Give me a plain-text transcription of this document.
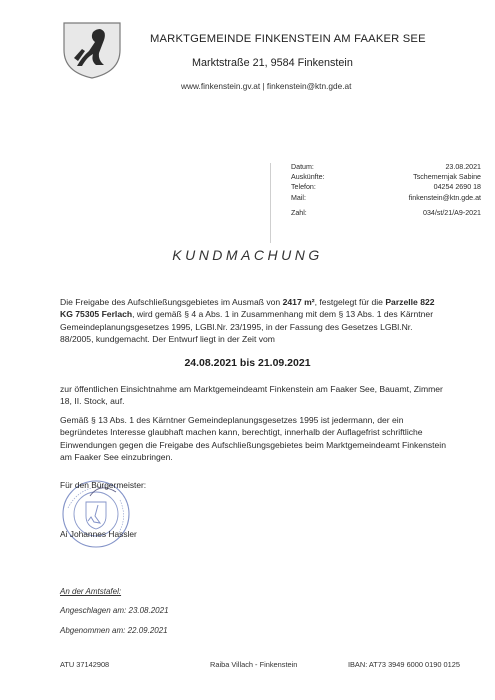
MARKTGEMEINDE FINKENSTEIN AM FAAKER SEE
Marktstraße 21, 9584 Finkenstein
www.finkenstein.gv.at | finkenstein@ktn.gde.at
Datum:	23.08.2021
Auskünfte:	Tschemernjak Sabine
Telefon:	04254 2690 18
Mail:	finkenstein@ktn.gde.at
Zahl:	034/st/21/A9-2021
KUNDMACHUNG
Die Freigabe des Aufschließungsgebietes im Ausmaß von 2417 m², festgelegt für die Parzelle 822 KG 75305 Ferlach, wird gemäß § 4 a Abs. 1 in Zusammenhang mit dem § 13 Abs. 1 des Kärntner Gemeindeplanungsgesetzes 1995, LGBl.Nr. 23/1995, in der Fassung des Gesetzes LGBl.Nr. 88/2005, kundgemacht. Der Entwurf liegt in der Zeit vom
24.08.2021 bis 21.09.2021
zur öffentlichen Einsichtnahme am Marktgemeindeamt Finkenstein am Faaker See, Bauamt, Zimmer 18, II. Stock, auf.
Gemäß § 13 Abs. 1 des Kärntner Gemeindeplanungsgesetzes 1995 ist jedermann, der ein begründetes Interesse glaubhaft machen kann, berechtigt, innerhalb der Auflagefrist schriftliche Einwendungen gegen die Freigabe des Aufschließungsgebietes beim Marktgemeindeamt Finkenstein am Faaker See einzubringen.
Für den Bürgermeister:
Ai Johannes Hassler
An der Amtstafel:
Angeschlagen am: 23.08.2021
Abgenommen am: 22.09.2021
ATU 37142908	Raiba Villach - Finkenstein	IBAN: AT73 3949 6000 0190 0125
